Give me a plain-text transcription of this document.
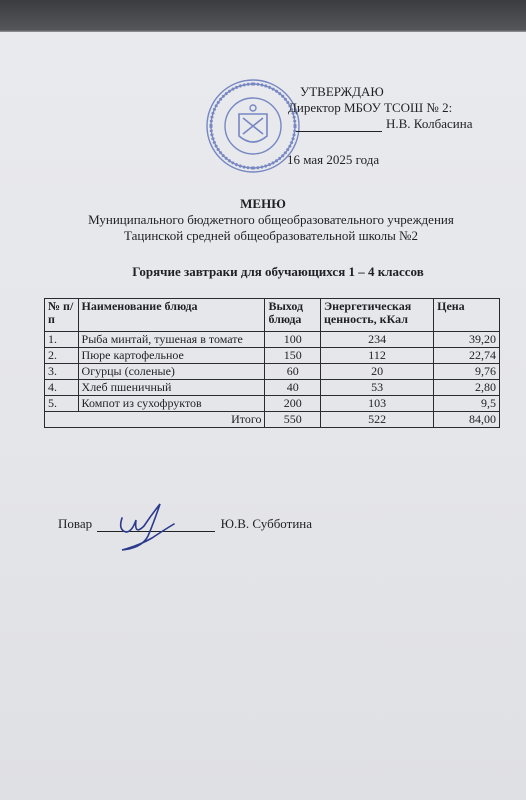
УТВЕРЖДАЮ
Директор МБОУ ТСОШ № 2:
Н.В. Колбасина
16 мая 2025 года
МЕНЮ
Муниципального бюджетного общеобразовательного учреждения
Тацинской средней общеобразовательной школы №2
Горячие завтраки для обучающихся 1 – 4 классов
№ п/п	Наименование блюда	Выход блюда	Энергетическая ценность, кКал	Цена
1.	Рыба минтай, тушеная в томате	100	234	39,20
2.	Пюре картофельное	150	112	22,74
3.	Огурцы (соленые)	60	20	9,76
4.	Хлеб пшеничный	40	53	2,80
5.	Компот из сухофруктов	200	103	9,5
Итого		550	522	84,00
Повар	Ю.В. Субботина
